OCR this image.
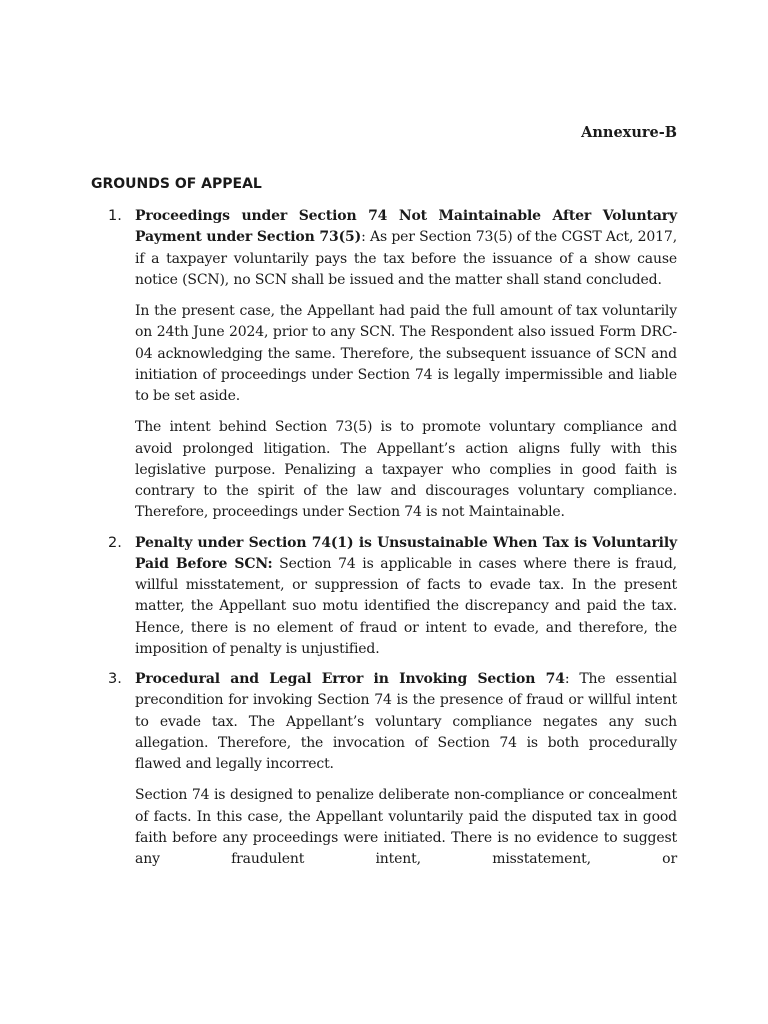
Annexure-B
GROUNDS OF APPEAL
1. Proceedings under Section 74 Not Maintainable After Voluntary Payment under Section 73(5): As per Section 73(5) of the CGST Act, 2017, if a taxpayer voluntarily pays the tax before the issuance of a show cause notice (SCN), no SCN shall be issued and the matter shall stand concluded.

In the present case, the Appellant had paid the full amount of tax voluntarily on 24th June 2024, prior to any SCN. The Respondent also issued Form DRC-04 acknowledging the same. Therefore, the subsequent issuance of SCN and initiation of proceedings under Section 74 is legally impermissible and liable to be set aside.

The intent behind Section 73(5) is to promote voluntary compliance and avoid prolonged litigation. The Appellant’s action aligns fully with this legislative purpose. Penalizing a taxpayer who complies in good faith is contrary to the spirit of the law and discourages voluntary compliance. Therefore, proceedings under Section 74 is not Maintainable.

2. Penalty under Section 74(1) is Unsustainable When Tax is Voluntarily Paid Before SCN: Section 74 is applicable in cases where there is fraud, willful misstatement, or suppression of facts to evade tax. In the present matter, the Appellant suo motu identified the discrepancy and paid the tax. Hence, there is no element of fraud or intent to evade, and therefore, the imposition of penalty is unjustified.

3. Procedural and Legal Error in Invoking Section 74: The essential precondition for invoking Section 74 is the presence of fraud or willful intent to evade tax. The Appellant’s voluntary compliance negates any such allegation. Therefore, the invocation of Section 74 is both procedurally flawed and legally incorrect.

Section 74 is designed to penalize deliberate non-compliance or concealment of facts. In this case, the Appellant voluntarily paid the disputed tax in good faith before any proceedings were initiated. There is no evidence to suggest any fraudulent intent, misstatement, or
